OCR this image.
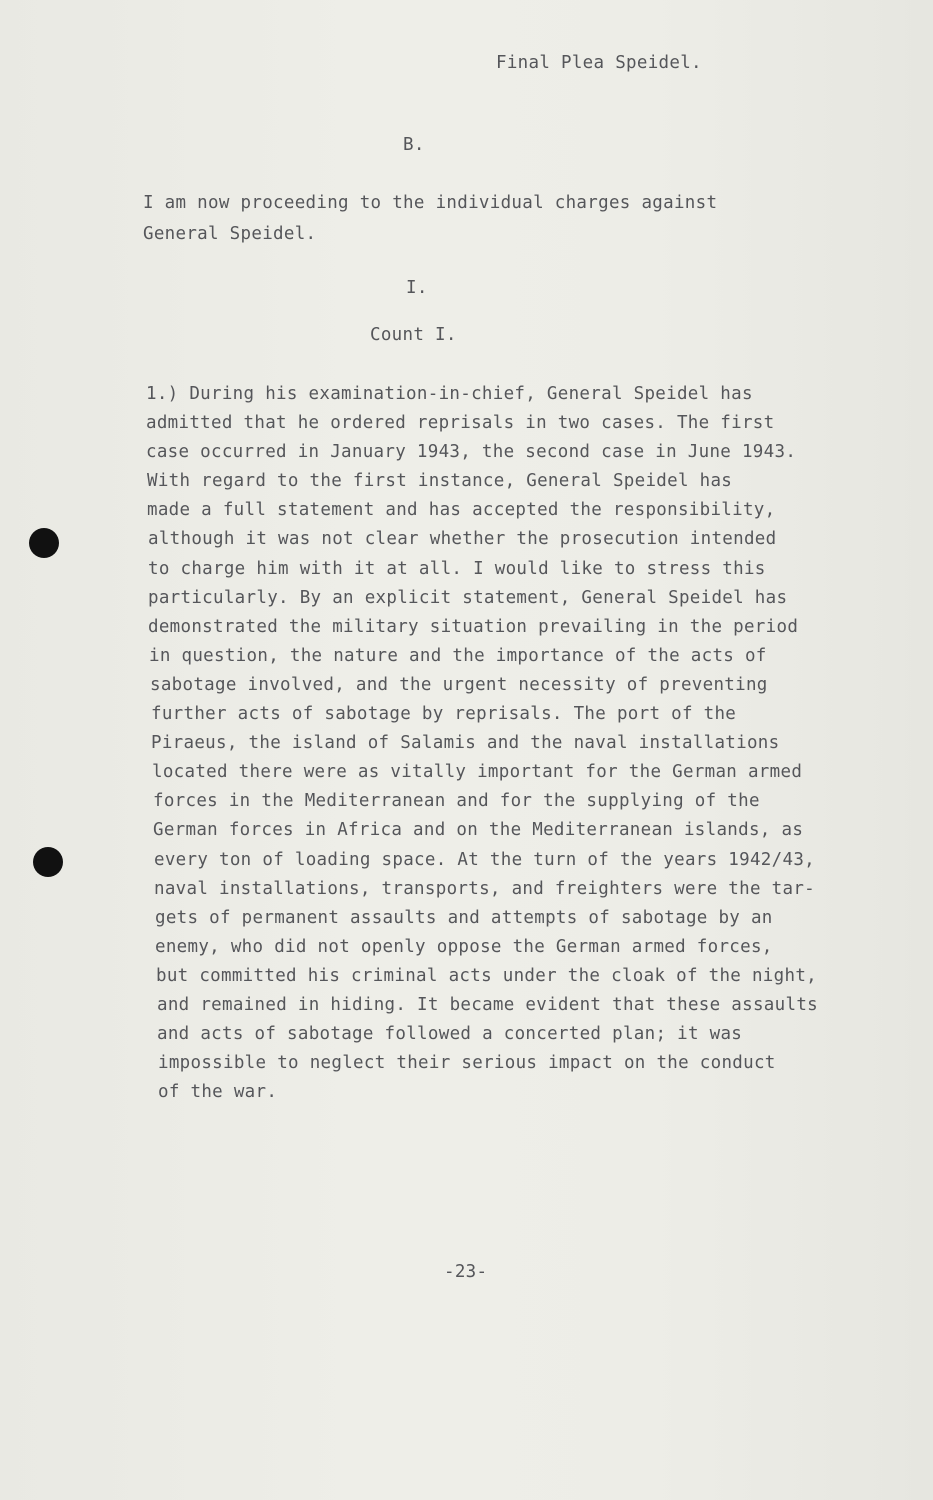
Final Plea Speidel.
B.
I am now proceeding to the individual charges against
General Speidel.
I.
Count I.
1.) During his examination-in-chief, General Speidel has
admitted that he ordered reprisals in two cases. The first
case occurred in January 1943, the second case in June 1943.
With regard to the first instance, General Speidel has
made a full statement and has accepted the responsibility,
although it was not clear whether the prosecution intended
to charge him with it at all. I would like to stress this
particularly. By an explicit statement, General Speidel has
demonstrated the military situation prevailing in the period
in question, the nature and the importance of the acts of
sabotage involved, and the urgent necessity of preventing
further acts of sabotage by reprisals. The port of the
Piraeus, the island of Salamis and the naval installations
located there were as vitally important for the German armed
forces in the Mediterranean and for the supplying of the
German forces in Africa and on the Mediterranean islands, as
every ton of loading space. At the turn of the years 1942/43,
naval installations, transports, and freighters were the tar-
gets of permanent assaults and attempts of sabotage by an
enemy, who did not openly oppose the German armed forces,
but committed his criminal acts under the cloak of the night,
and remained in hiding. It became evident that these assaults
and acts of sabotage followed a concerted plan; it was
impossible to neglect their serious impact on the conduct
of the war.
-23-
